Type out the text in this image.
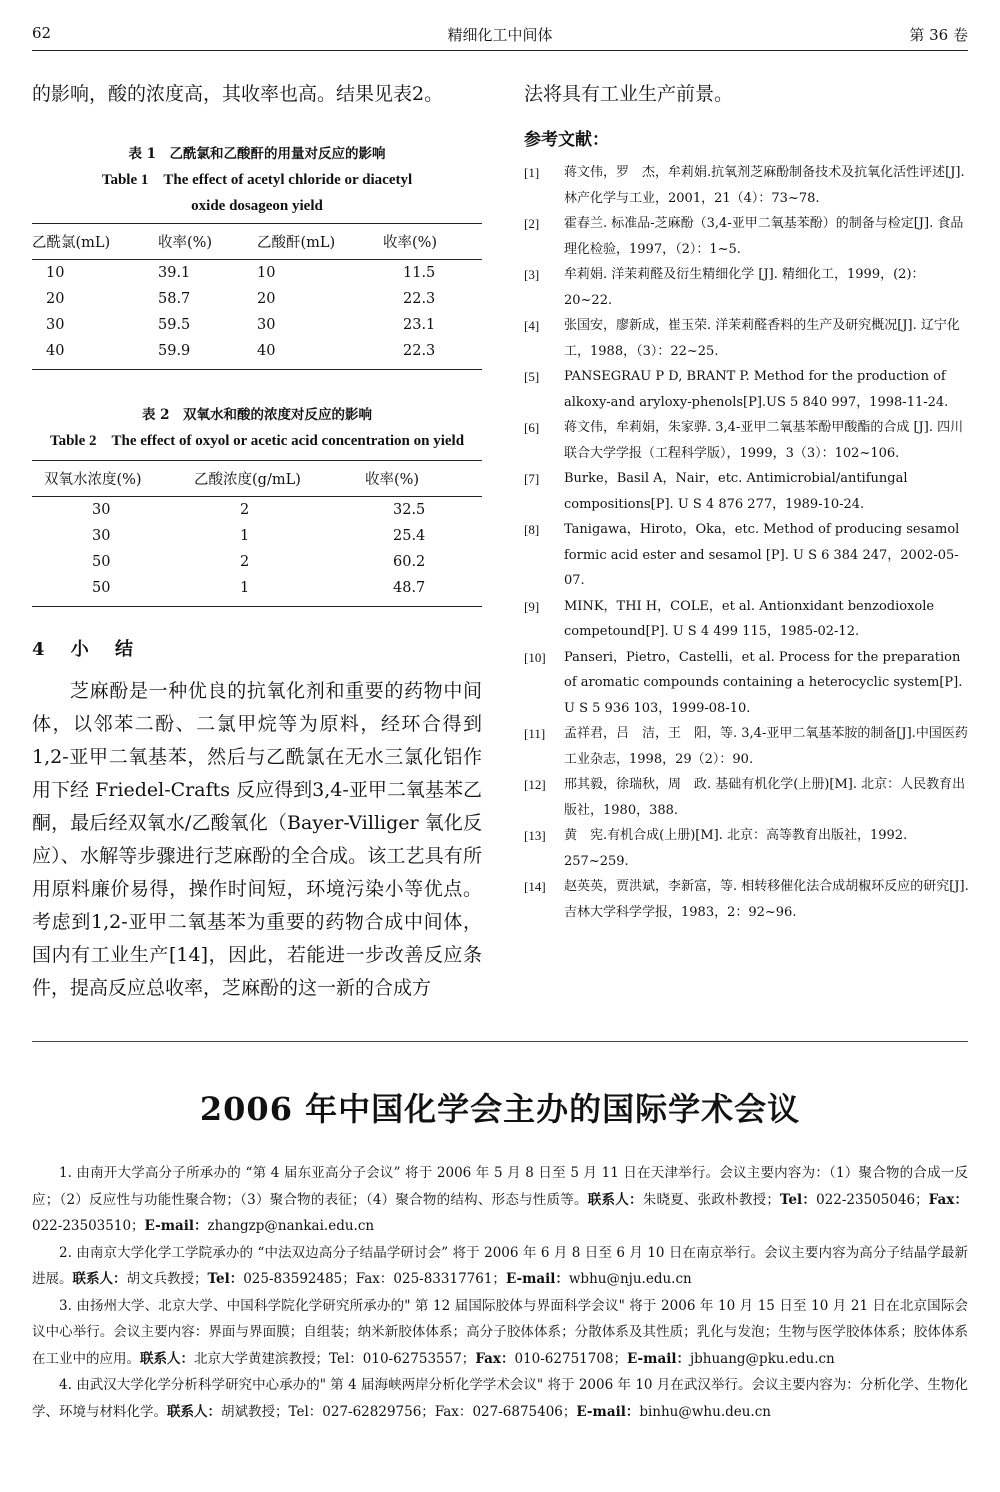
62	精细化工中间体	第 36 卷

的影响，酸的浓度高，其收率也高。结果见表2。

表 1　乙酰氯和乙酸酐的用量对反应的影响

Table 1　The effect of acetyl chloride or diacetyl

oxide dosageon yield

乙酰氯(mL)	收率(%)	乙酸酐(mL)	收率(%)
10	39.1	10	11.5
20	58.7	20	22.3
30	59.5	30	23.1
40	59.9	40	22.3

表 2　双氧水和酸的浓度对反应的影响

Table 2　The effect of oxyol or acetic acid concentration on yield

双氧水浓度(%)	乙酸浓度(g/mL)	收率(%)
30	2	32.5
30	1	25.4
50	2	60.2
50	1	48.7

4 小 结

芝麻酚是一种优良的抗氧化剂和重要的药物中间体，以邻苯二酚、二氯甲烷等为原料，经环合得到1,2-亚甲二氧基苯，然后与乙酰氯在无水三氯化铝作用下经 Friedel-Crafts 反应得到3,4-亚甲二氧基苯乙酮，最后经双氧水/乙酸氧化（Bayer-Villiger 氧化反应）、水解等步骤进行芝麻酚的全合成。该工艺具有所用原料廉价易得，操作时间短，环境污染小等优点。考虑到1,2-亚甲二氧基苯为重要的药物合成中间体，国内有工业生产[14]，因此，若能进一步改善反应条件，提高反应总收率，芝麻酚的这一新的合成方

法将具有工业生产前景。

参考文献：

[1]	蒋文伟，罗　杰，牟莉娟.抗氧剂芝麻酚制备技术及抗氧化活性评述[J]. 林产化学与工业，2001，21（4）：73~78.
[2]	霍春兰. 标准品-芝麻酚（3,4-亚甲二氧基苯酚）的制备与检定[J]. 食品理化检验，1997，（2）：1~5.
[3]	牟莉娟. 洋茉莉醛及衍生精细化学 [J]. 精细化工，1999，(2)：20~22.
[4]	张国安，廖新成，崔玉荣. 洋茉莉醛香料的生产及研究概况[J]. 辽宁化工，1988，（3）：22~25.
[5]	PANSEGRAU P D, BRANT P. Method for the production of alkoxy-and aryloxy-phenols[P].US 5 840 997，1998-11-24.
[6]	蒋文伟，牟莉娟，朱家骅. 3,4-亚甲二氧基苯酚甲酸酯的合成 [J]. 四川联合大学学报（工程科学版），1999，3（3）：102~106.
[7]	Burke，Basil A，Nair，etc. Antimicrobial/antifungal compositions[P]. U S 4 876 277，1989-10-24.
[8]	Tanigawa，Hiroto，Oka，etc. Method of producing sesamol formic acid ester and sesamol [P]. U S 6 384 247，2002-05-07.
[9]	MINK，THI H，COLE，et al. Antionxidant benzodioxole competound[P]. U S 4 499 115，1985-02-12.
[10]	Panseri，Pietro，Castelli，et al. Process for the preparation of aromatic compounds containing a heterocyclic system[P]. U S 5 936 103，1999-08-10.
[11]	孟祥君，吕　洁，王　阳，等. 3,4-亚甲二氧基苯胺的制备[J].中国医药工业杂志，1998，29（2）：90.
[12]	邢其毅，徐瑞秋，周　政. 基础有机化学(上册)[M]. 北京：人民教育出版社，1980，388.
[13]	黄　宪.有机合成(上册)[M]. 北京：高等教育出版社，1992. 257~259.
[14]	赵英英，贾洪斌，李新富，等. 相转移催化法合成胡椒环反应的研究[J]. 吉林大学科学学报，1983，2：92~96.
2006 年中国化学会主办的国际学术会议

1. 由南开大学高分子所承办的 “第 4 届东亚高分子会议” 将于 2006 年 5 月 8 日至 5 月 11 日在天津举行。会议主要内容为：（1）聚合物的合成一反应；（2）反应性与功能性聚合物；（3）聚合物的表征；（4）聚合物的结构、形态与性质等。联系人：朱晓夏、张政朴教授；Tel：022-23505046；Fax：022-23503510；E-mail：zhangzp@nankai.edu.cn

2. 由南京大学化学工学院承办的 “中法双边高分子结晶学研讨会” 将于 2006 年 6 月 8 日至 6 月 10 日在南京举行。会议主要内容为高分子结晶学最新进展。联系人：胡文兵教授；Tel：025-83592485；Fax：025-83317761；E-mail：wbhu@nju.edu.cn

3. 由扬州大学、北京大学、中国科学院化学研究所承办的" 第 12 届国际胶体与界面科学会议" 将于 2006 年 10 月 15 日至 10 月 21 日在北京国际会议中心举行。会议主要内容：界面与界面膜；自组装；纳米新胶体体系；高分子胶体体系；分散体系及其性质；乳化与发泡；生物与医学胶体体系；胶体体系在工业中的应用。联系人：北京大学黄建滨教授；Tel：010-62753557；Fax：010-62751708；E-mail：jbhuang@pku.edu.cn

4. 由武汉大学化学分析科学研究中心承办的" 第 4 届海峡两岸分析化学学术会议" 将于 2006 年 10 月在武汉举行。会议主要内容为：分析化学、生物化学、环境与材料化学。联系人：胡斌教授；Tel：027-62829756；Fax：027-6875406；E-mail：binhu@whu.deu.cn
